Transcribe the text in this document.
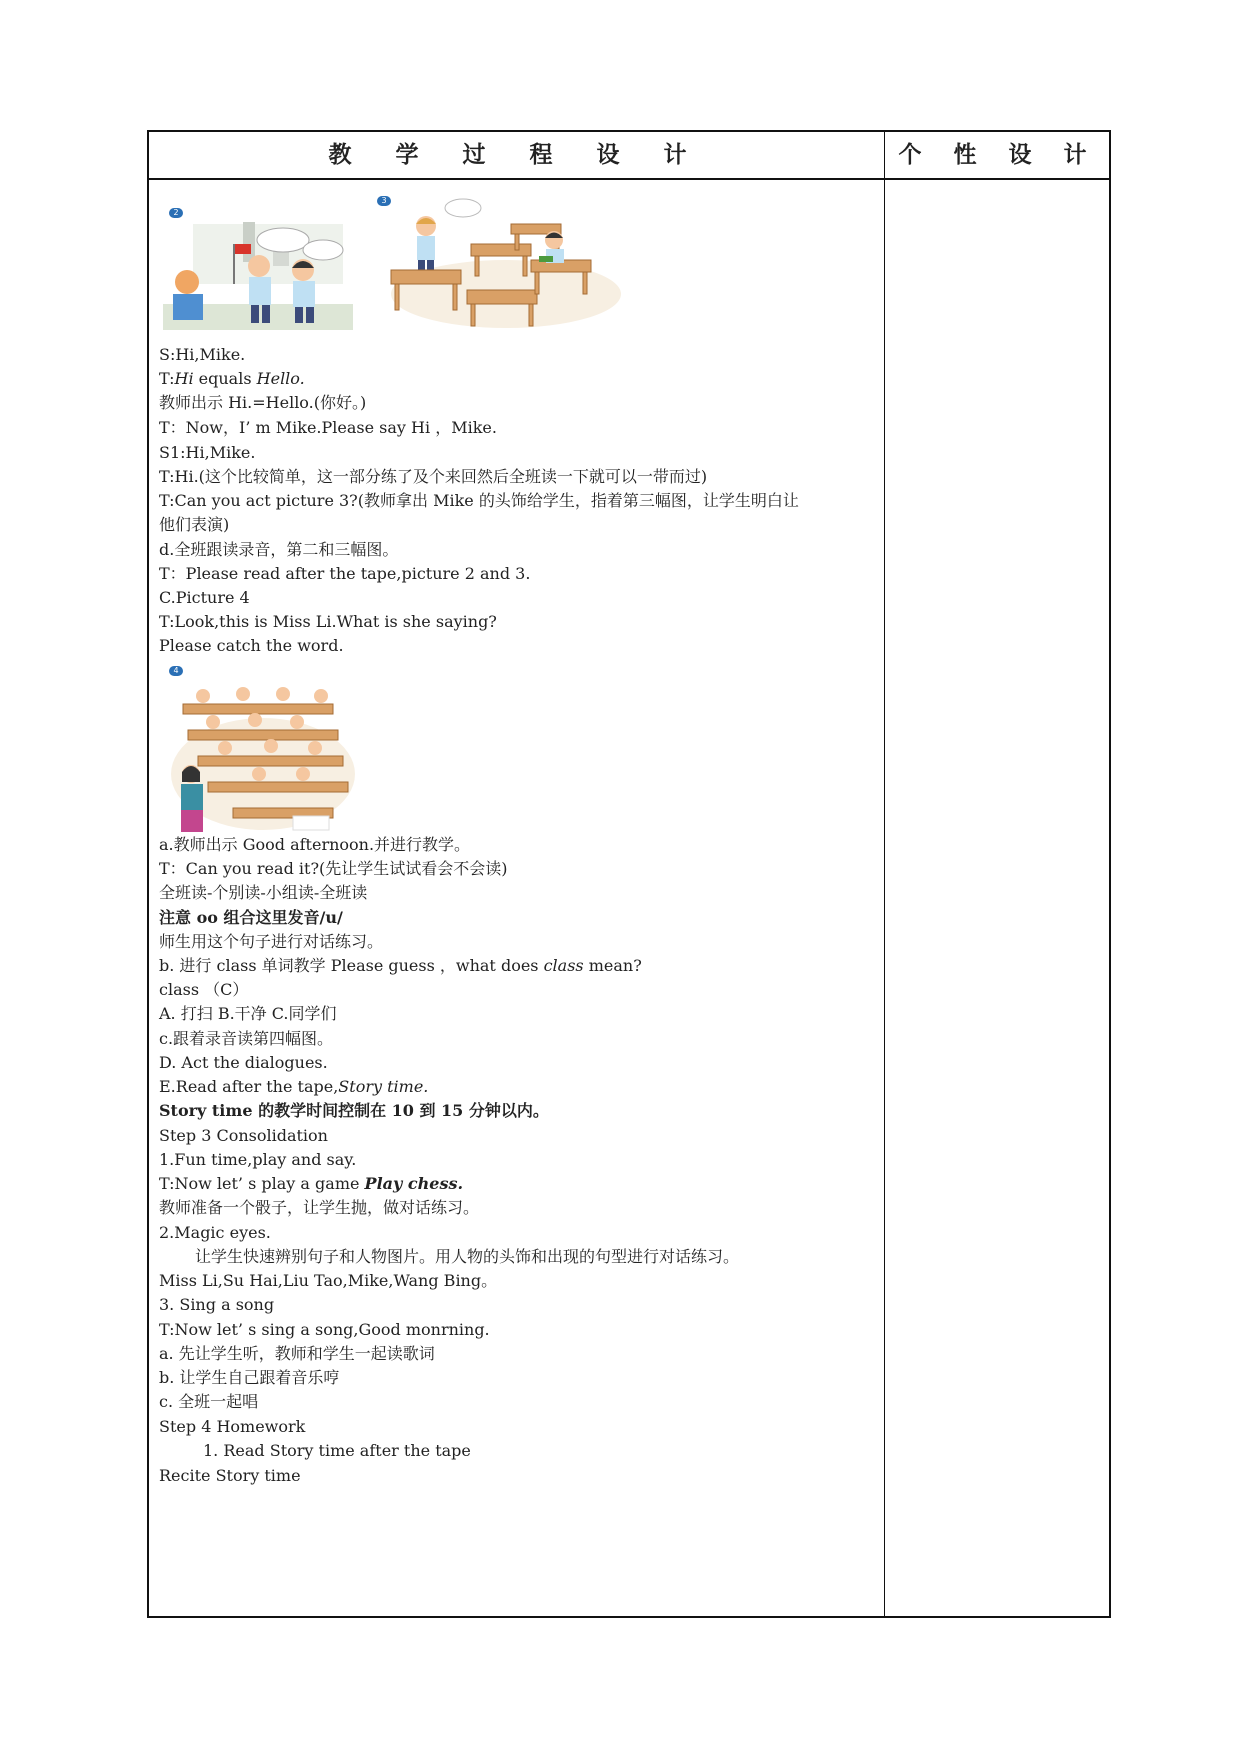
教 学 过 程 设 计	个 性 设 计
2
3
S:Hi,Mike.
T:Hi equals Hello.
教师出示 Hi.=Hello.(你好。)
T：Now，I’ m Mike.Please say Hi ，Mike.
S1:Hi,Mike.
T:Hi.(这个比较简单，这一部分练了及个来回然后全班读一下就可以一带而过)
T:Can you act picture 3?(教师拿出 Mike 的头饰给学生，指着第三幅图，让学生明白让
他们表演)
d.全班跟读录音，第二和三幅图。
T：Please read after the tape,picture 2 and 3.
C.Picture 4
T:Look,this is Miss Li.What is she saying?
Please catch the word.
4
a.教师出示 Good afternoon.并进行教学。
T：Can you read it?(先让学生试试看会不会读)
全班读-个别读-小组读-全班读
注意 oo 组合这里发音/u/
师生用这个句子进行对话练习。
b. 进行 class 单词教学 Please guess ，what does class mean?
class （C）
A. 打扫 B.干净 C.同学们
c.跟着录音读第四幅图。
D. Act the dialogues.
E.Read after the tape,Story time.
Story time 的教学时间控制在 10 到 15 分钟以内。
Step 3 Consolidation
1.Fun time,play and say.
T:Now let’ s play a game Play chess.
教师准备一个骰子，让学生抛，做对话练习。
2.Magic eyes.
让学生快速辨别句子和人物图片。用人物的头饰和出现的句型进行对话练习。
Miss Li,Su Hai,Liu Tao,Mike,Wang Bing。
3. Sing a song
T:Now let’ s sing a song,Good monrning.
a. 先让学生听，教师和学生一起读歌词
b. 让学生自己跟着音乐哼
c. 全班一起唱
Step 4 Homework
1. Read Story time after the tape
Recite Story time
